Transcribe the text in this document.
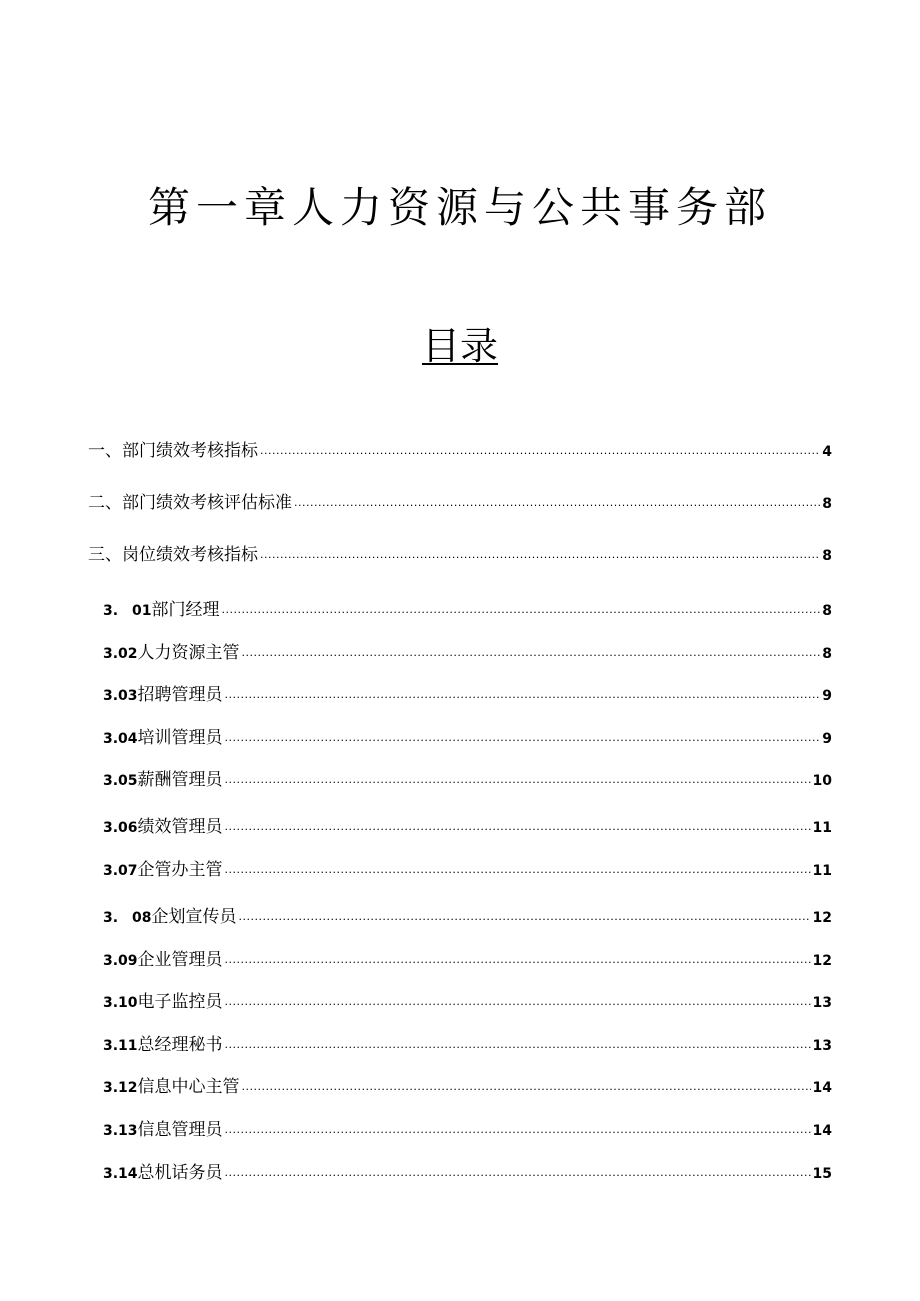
第一章人力资源与公共事务部
目录
一、部门绩效考核指标 .....	4
二、部门绩效考核评估标准 .....	8
三、岗位绩效考核指标 .....	8
3.　01 部门经理 .....	8
3.02 人力资源主管 .....	8
3.03 招聘管理员 .....	9
3.04 培训管理员 .....	9
3.05 薪酬管理员 .....	10
3.06 绩效管理员 .....	11
3.07 企管办主管 .....	11
3.　08 企划宣传员 .....	12
3.09 企业管理员 .....	12
3.10 电子监控员 .....	13
3.11 总经理秘书 .....	13
3.12 信息中心主管 .....	14
3.13 信息管理员 .....	14
3.14 总机话务员 .....	15
